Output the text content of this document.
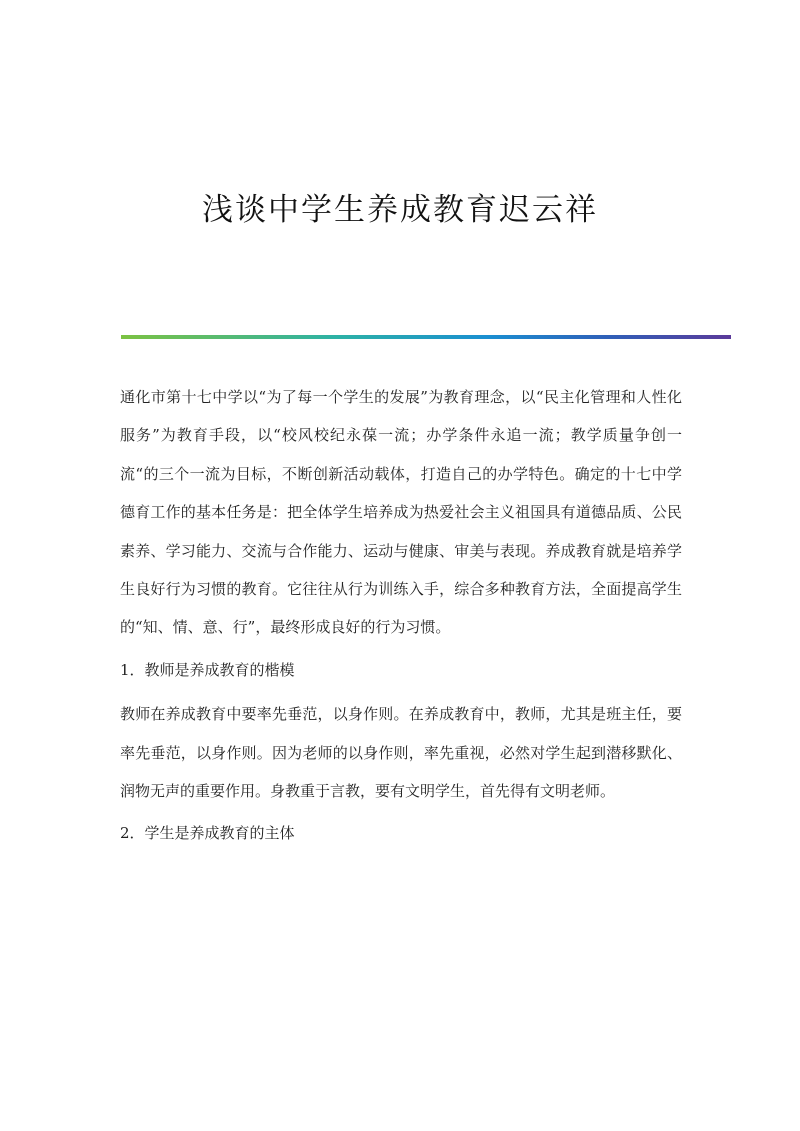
浅谈中学生养成教育迟云祥

通化市第十七中学以“为了每一个学生的发展”为教育理念，以“民主化管理和人性化服务”为教育手段，以“校风校纪永葆一流；办学条件永追一流；教学质量争创一流“的三个一流为目标，不断创新活动载体，打造自己的办学特色。确定的十七中学德育工作的基本任务是：把全体学生培养成为热爱社会主义祖国具有道德品质、公民素养、学习能力、交流与合作能力、运动与健康、审美与表现。养成教育就是培养学生良好行为习惯的教育。它往往从行为训练入手，综合多种教育方法，全面提高学生的“知、情、意、行”，最终形成良好的行为习惯。

1．教师是养成教育的楷模

教师在养成教育中要率先垂范，以身作则。在养成教育中，教师，尤其是班主任，要率先垂范，以身作则。因为老师的以身作则，率先重视，必然对学生起到潜移默化、润物无声的重要作用。身教重于言教，要有文明学生，首先得有文明老师。

2．学生是养成教育的主体
